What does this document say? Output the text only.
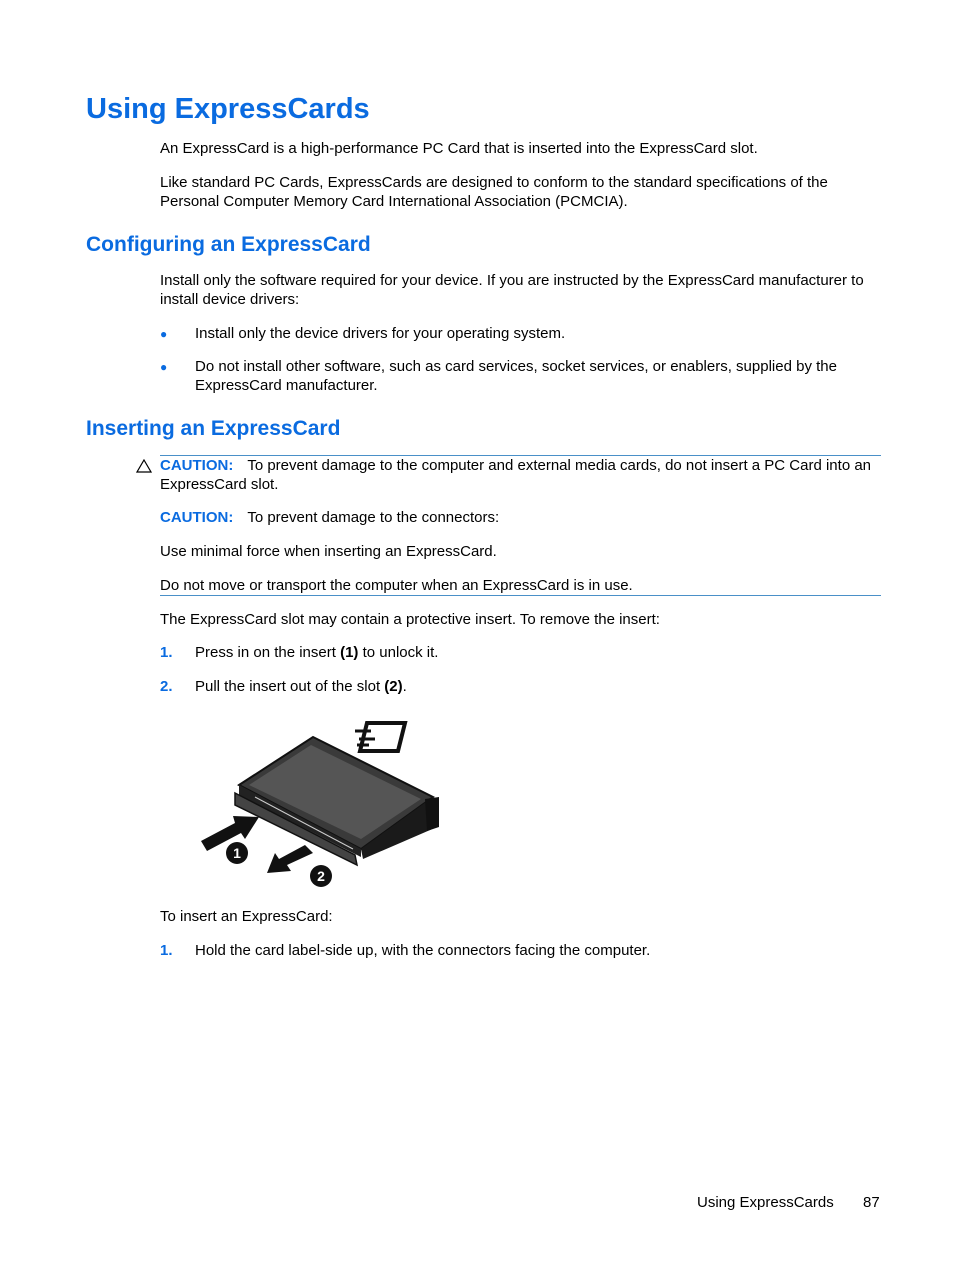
Using ExpressCards
An ExpressCard is a high-performance PC Card that is inserted into the ExpressCard slot.
Like standard PC Cards, ExpressCards are designed to conform to the standard specifications of the Personal Computer Memory Card International Association (PCMCIA).
Configuring an ExpressCard
Install only the software required for your device. If you are instructed by the ExpressCard manufacturer to install device drivers:
● Install only the device drivers for your operating system.
● Do not install other software, such as card services, socket services, or enablers, supplied by the ExpressCard manufacturer.
Inserting an ExpressCard
CAUTION: To prevent damage to the computer and external media cards, do not insert a PC Card into an ExpressCard slot.
CAUTION: To prevent damage to the connectors:
Use minimal force when inserting an ExpressCard.
Do not move or transport the computer when an ExpressCard is in use.
The ExpressCard slot may contain a protective insert. To remove the insert:
1. Press in on the insert (1) to unlock it.
2. Pull the insert out of the slot (2).
1
2
To insert an ExpressCard:
1. Hold the card label-side up, with the connectors facing the computer.
Using ExpressCards 87
